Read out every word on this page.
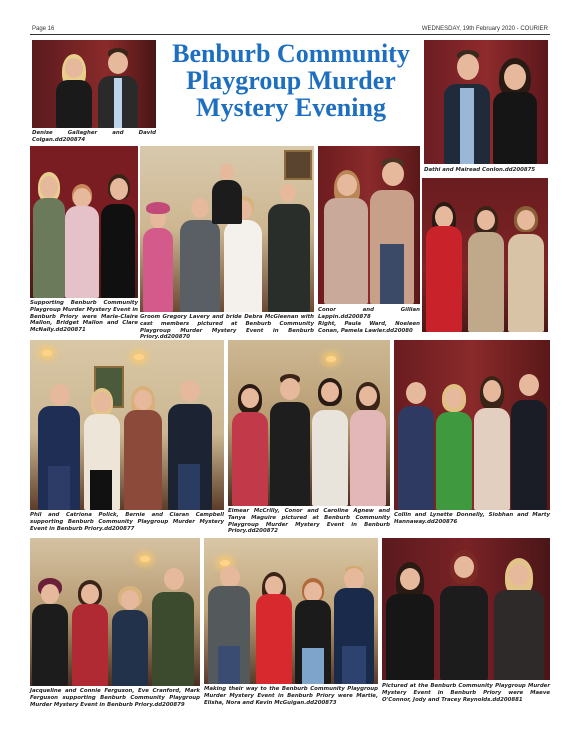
Page 16	WEDNESDAY, 19th February 2020 - COURIER
Benburb Community
Playgroup Murder
Mystery Evening
Denise Gallagher and David Colgan.dd200874
Dathi and Mairead Conlon.dd200875
Supporting Benburb Community Playgroup Murder Mystery Event in Benburb Priory were Marie-Claire Mallon, Bridget Mallon and Clare McNally.dd200871
Groom Gregory Lavery and bride Debra McGleenan with cast members pictured at Benburb Community Playgroup Murder Mystery Event in Benburb Priory.dd200870
Conor and Gillian Lappin.dd200878
Right, Paula Ward, Noeleen Conan, Pamela Lawler.dd20080
Phil and Catriona Polick, Bernie and Ciaran Campbell supporting Benburb Community Playgroup Murder Mystery Event in Benburb Priory.dd200877
Eimear McCrilly, Conor and Caroline Agnew and Tanya Maguire pictured at Benburb Community Playgroup Murder Mystery Event in Benburb Priory.dd200872
Collin and Lynette Donnelly, Siobhan and Marty Hannaway.dd200876
Jacqueline and Connie Ferguson, Eve Cranford, Mark Ferguson supporting Benburb Community Playgroup Murder Mystery Event in Benburb Priory.dd200879
Making their way to the Benburb Community Playgroup Murder Mystery Event in Benburb Priory were Martie, Elisha, Nora and Kevin McGuigan.dd200873
Pictured at the Benburb Community Playgroup Murder Mystery Event in Benburb Priory were Maeve O'Connor, Jody and Tracey Reynolds.dd200881
